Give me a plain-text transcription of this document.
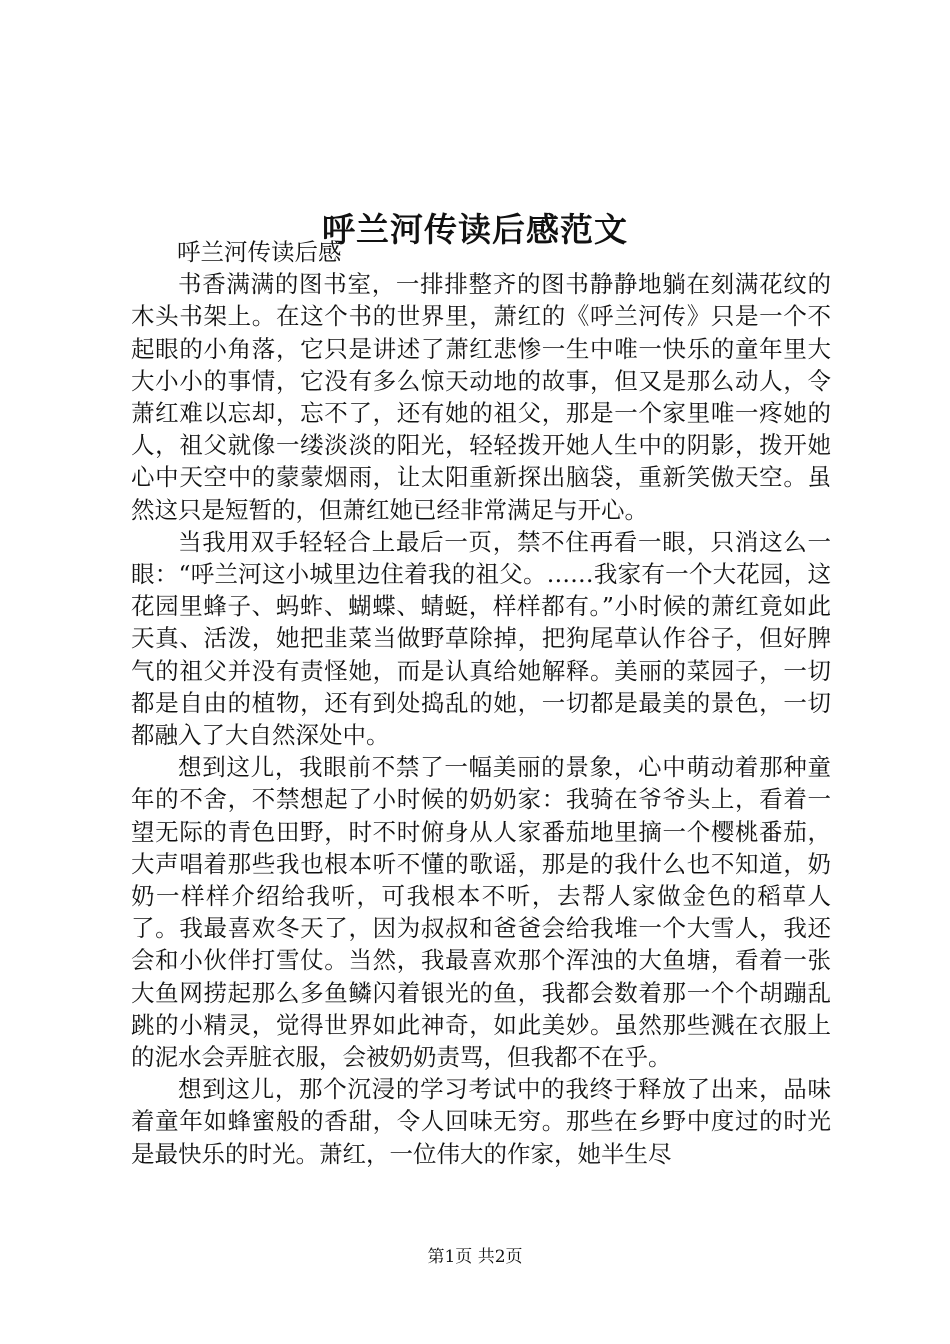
呼兰河传读后感范文

呼兰河传读后感

书香满满的图书室，一排排整齐的图书静静地躺在刻满花纹的木头书架上。在这个书的世界里，萧红的《呼兰河传》只是一个不起眼的小角落，它只是讲述了萧红悲惨一生中唯一快乐的童年里大大小小的事情，它没有多么惊天动地的故事，但又是那么动人，令萧红难以忘却，忘不了，还有她的祖父，那是一个家里唯一疼她的人，祖父就像一缕淡淡的阳光，轻轻拨开她人生中的阴影，拨开她心中天空中的蒙蒙烟雨，让太阳重新探出脑袋，重新笑傲天空。虽然这只是短暂的，但萧红她已经非常满足与开心。

当我用双手轻轻合上最后一页，禁不住再看一眼，只消这么一眼：“呼兰河这小城里边住着我的祖父。……我家有一个大花园，这花园里蜂子、蚂蚱、蝴蝶、蜻蜓，样样都有。”小时候的萧红竟如此天真、活泼，她把韭菜当做野草除掉，把狗尾草认作谷子，但好脾气的祖父并没有责怪她，而是认真给她解释。美丽的菜园子，一切都是自由的植物，还有到处捣乱的她，一切都是最美的景色，一切都融入了大自然深处中。

想到这儿，我眼前不禁了一幅美丽的景象，心中萌动着那种童年的不舍，不禁想起了小时候的奶奶家：我骑在爷爷头上，看着一望无际的青色田野，时不时俯身从人家番茄地里摘一个樱桃番茄，大声唱着那些我也根本听不懂的歌谣，那是的我什么也不知道，奶奶一样样介绍给我听，可我根本不听，去帮人家做金色的稻草人了。我最喜欢冬天了，因为叔叔和爸爸会给我堆一个大雪人，我还会和小伙伴打雪仗。当然，我最喜欢那个浑浊的大鱼塘，看着一张大鱼网捞起那么多鱼鳞闪着银光的鱼，我都会数着那一个个胡蹦乱跳的小精灵，觉得世界如此神奇，如此美妙。虽然那些溅在衣服上的泥水会弄脏衣服，会被奶奶责骂，但我都不在乎。

想到这儿，那个沉浸的学习考试中的我终于释放了出来，品味着童年如蜂蜜般的香甜，令人回味无穷。那些在乡野中度过的时光是最快乐的时光。萧红，一位伟大的作家，她半生尽

第1页 共2页
